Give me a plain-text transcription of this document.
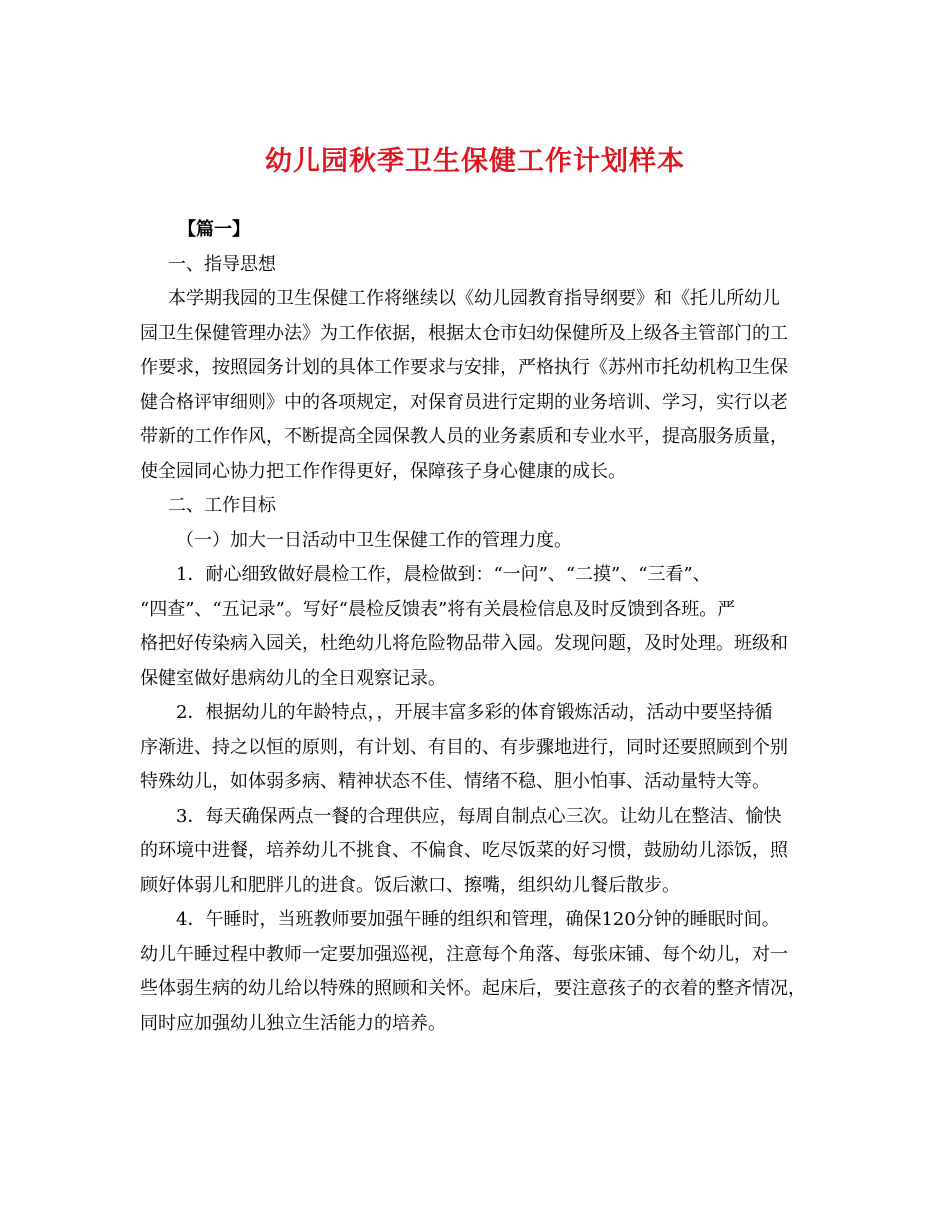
幼儿园秋季卫生保健工作计划样本
【篇一】
一、指导思想
本学期我园的卫生保健工作将继续以《幼儿园教育指导纲要》和《托儿所幼儿
园卫生保健管理办法》为工作依据，根据太仓市妇幼保健所及上级各主管部门的工
作要求，按照园务计划的具体工作要求与安排，严格执行《苏州市托幼机构卫生保
健合格评审细则》中的各项规定，对保育员进行定期的业务培训、学习，实行以老
带新的工作作风，不断提高全园保教人员的业务素质和专业水平，提高服务质量，
使全园同心协力把工作作得更好，保障孩子身心健康的成长。
二、工作目标
（一）加大一日活动中卫生保健工作的管理力度。
1．耐心细致做好晨检工作，晨检做到：“一问”、“二摸”、“三看”、
“四查”、“五记录”。写好“晨检反馈表”将有关晨检信息及时反馈到各班。严
格把好传染病入园关，杜绝幼儿将危险物品带入园。发现问题，及时处理。班级和
保健室做好患病幼儿的全日观察记录。
2．根据幼儿的年龄特点，，开展丰富多彩的体育锻炼活动，活动中要坚持循
序渐进、持之以恒的原则，有计划、有目的、有步骤地进行，同时还要照顾到个别
特殊幼儿，如体弱多病、精神状态不佳、情绪不稳、胆小怕事、活动量特大等。
3．每天确保两点一餐的合理供应，每周自制点心三次。让幼儿在整洁、愉快
的环境中进餐，培养幼儿不挑食、不偏食、吃尽饭菜的好习惯，鼓励幼儿添饭，照
顾好体弱儿和肥胖儿的进食。饭后漱口、擦嘴，组织幼儿餐后散步。
4．午睡时，当班教师要加强午睡的组织和管理，确保120分钟的睡眠时间。
幼儿午睡过程中教师一定要加强巡视，注意每个角落、每张床铺、每个幼儿，对一
些体弱生病的幼儿给以特殊的照顾和关怀。起床后，要注意孩子的衣着的整齐情况，
同时应加强幼儿独立生活能力的培养。
